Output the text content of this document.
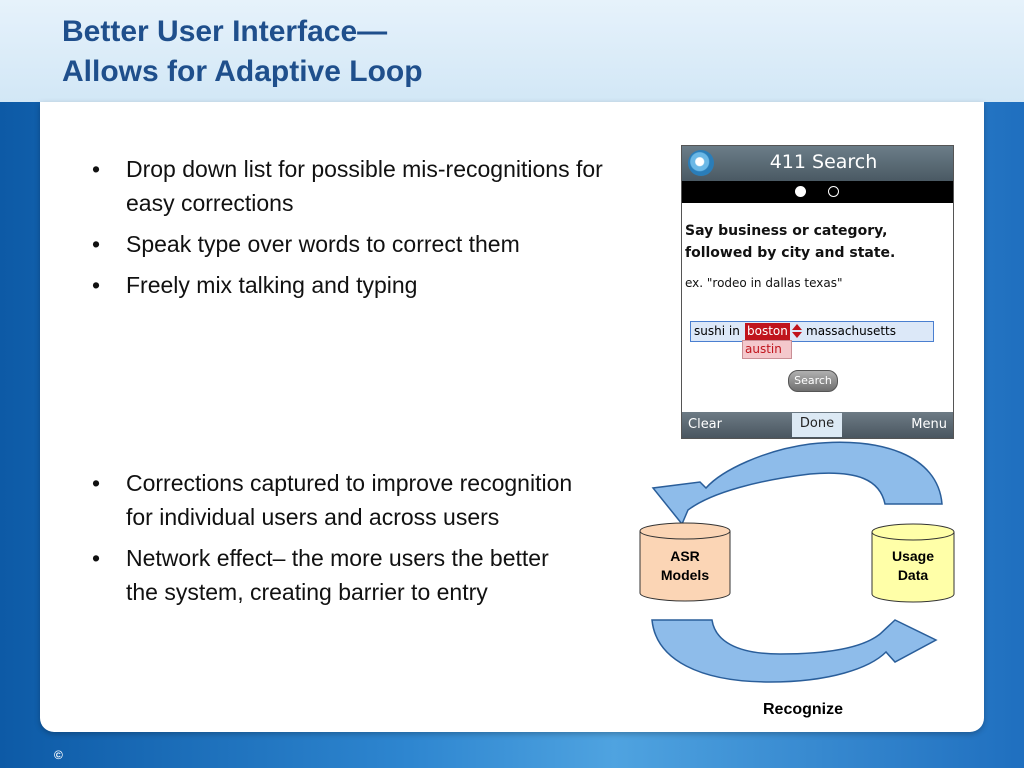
Better User Interface—
Allows for Adaptive Loop
• Drop down list for possible mis-recognitions for easy corrections
• Speak type over words to correct them
• Freely mix talking and typing
• Corrections captured to improve recognition for individual users and across users
• Network effect– the more users the better the system, creating barrier to entry
411 Search
Say business or category,
followed by city and state.
ex. "rodeo in dallas texas"
sushi in boston massachusetts
austin
Search
Clear	Done	Menu
ASR
Models
Usage
Data
Recognize
©
